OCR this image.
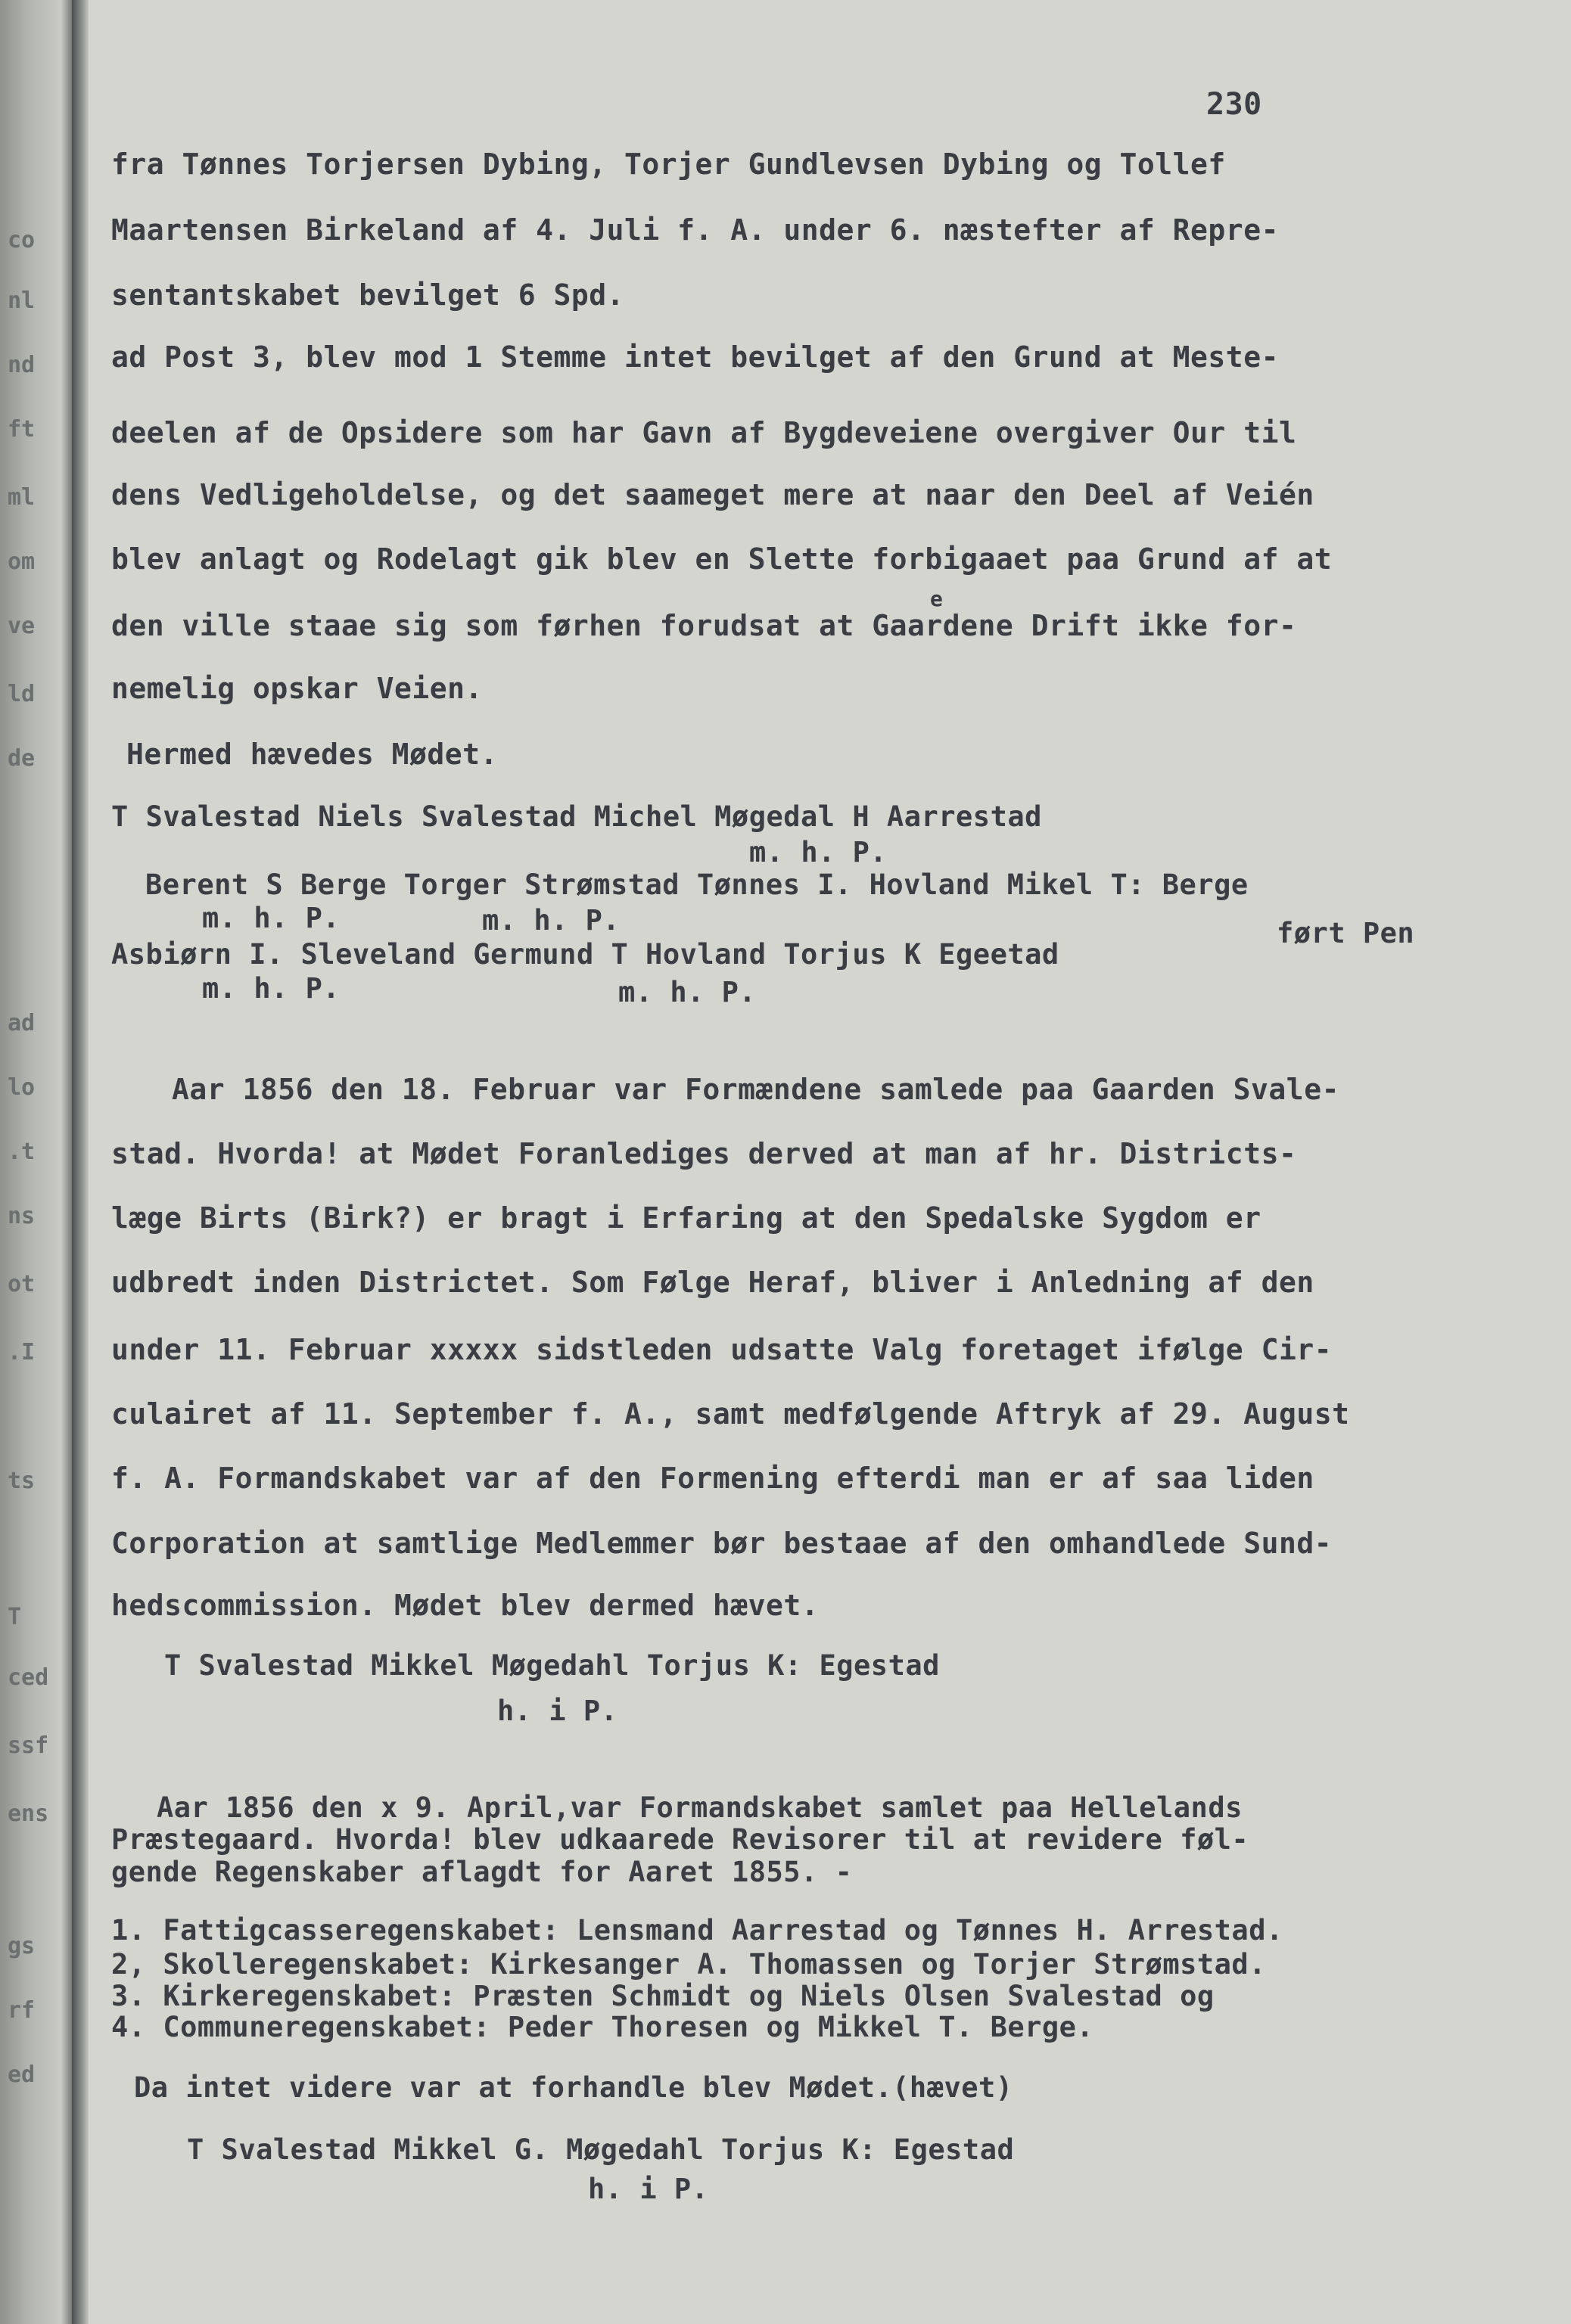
co
nl
nd
ft
ml
om
ve
ld
de
ad
lo
.t
ns
ot
.I
ts
T
ced
ssf
ens
gs
rf
ed
230
fra Tønnes Torjersen Dybing, Torjer Gundlevsen Dybing og Tollef
Maartensen Birkeland af 4. Juli f. A. under 6. næstefter af Repre-
sentantskabet bevilget 6 Spd.
ad Post 3, blev mod 1 Stemme intet bevilget af den Grund at Meste-
deelen af de Opsidere som har Gavn af Bygdeveiene overgiver Our til
dens Vedligeholdelse, og det saameget mere at naar den Deel af Veién
blev anlagt og Rodelagt gik blev en Slette forbigaaet paa Grund af at
e
den ville staae sig som førhen forudsat at Gaardene Drift ikke for-
nemelig opskar Veien.
Hermed hævedes Mødet.
T Svalestad Niels Svalestad Michel Møgedal H Aarrestad
m. h. P.
Berent S Berge Torger Strømstad Tønnes I. Hovland Mikel T: Berge
m. h. P.	m. h. P.	ført Pen
Asbiørn I. Sleveland Germund T Hovland Torjus K Egeetad
m. h. P.	m. h. P.
Aar 1856 den 18. Februar var Formændene samlede paa Gaarden Svale-
stad. Hvorda! at Mødet Foranlediges derved at man af hr. Districts-
læge Birts (Birk?) er bragt i Erfaring at den Spedalske Sygdom er
udbredt inden Districtet. Som Følge Heraf, bliver i Anledning af den
under 11. Februar xxxxx sidstleden udsatte Valg foretaget ifølge Cir-
culairet af 11. September f. A., samt medfølgende Aftryk af 29. August
f. A. Formandskabet var af den Formening efterdi man er af saa liden
Corporation at samtlige Medlemmer bør bestaae af den omhandlede Sund-
hedscommission. Mødet blev dermed hævet.
T Svalestad Mikkel Møgedahl Torjus K: Egestad
h. i P.
Aar 1856 den x 9. April,var Formandskabet samlet paa Hellelands
Præstegaard. Hvorda! blev udkaarede Revisorer til at revidere føl-
gende Regenskaber aflagdt for Aaret 1855. -
1. Fattigcasseregenskabet: Lensmand Aarrestad og Tønnes H. Arrestad.
2, Skolleregenskabet: Kirkesanger A. Thomassen og Torjer Strømstad.
3. Kirkeregenskabet: Præsten Schmidt og Niels Olsen Svalestad og
4. Communeregenskabet: Peder Thoresen og Mikkel T. Berge.
Da intet videre var at forhandle blev Mødet.(hævet)
T Svalestad Mikkel G. Møgedahl Torjus K: Egestad
h. i P.
